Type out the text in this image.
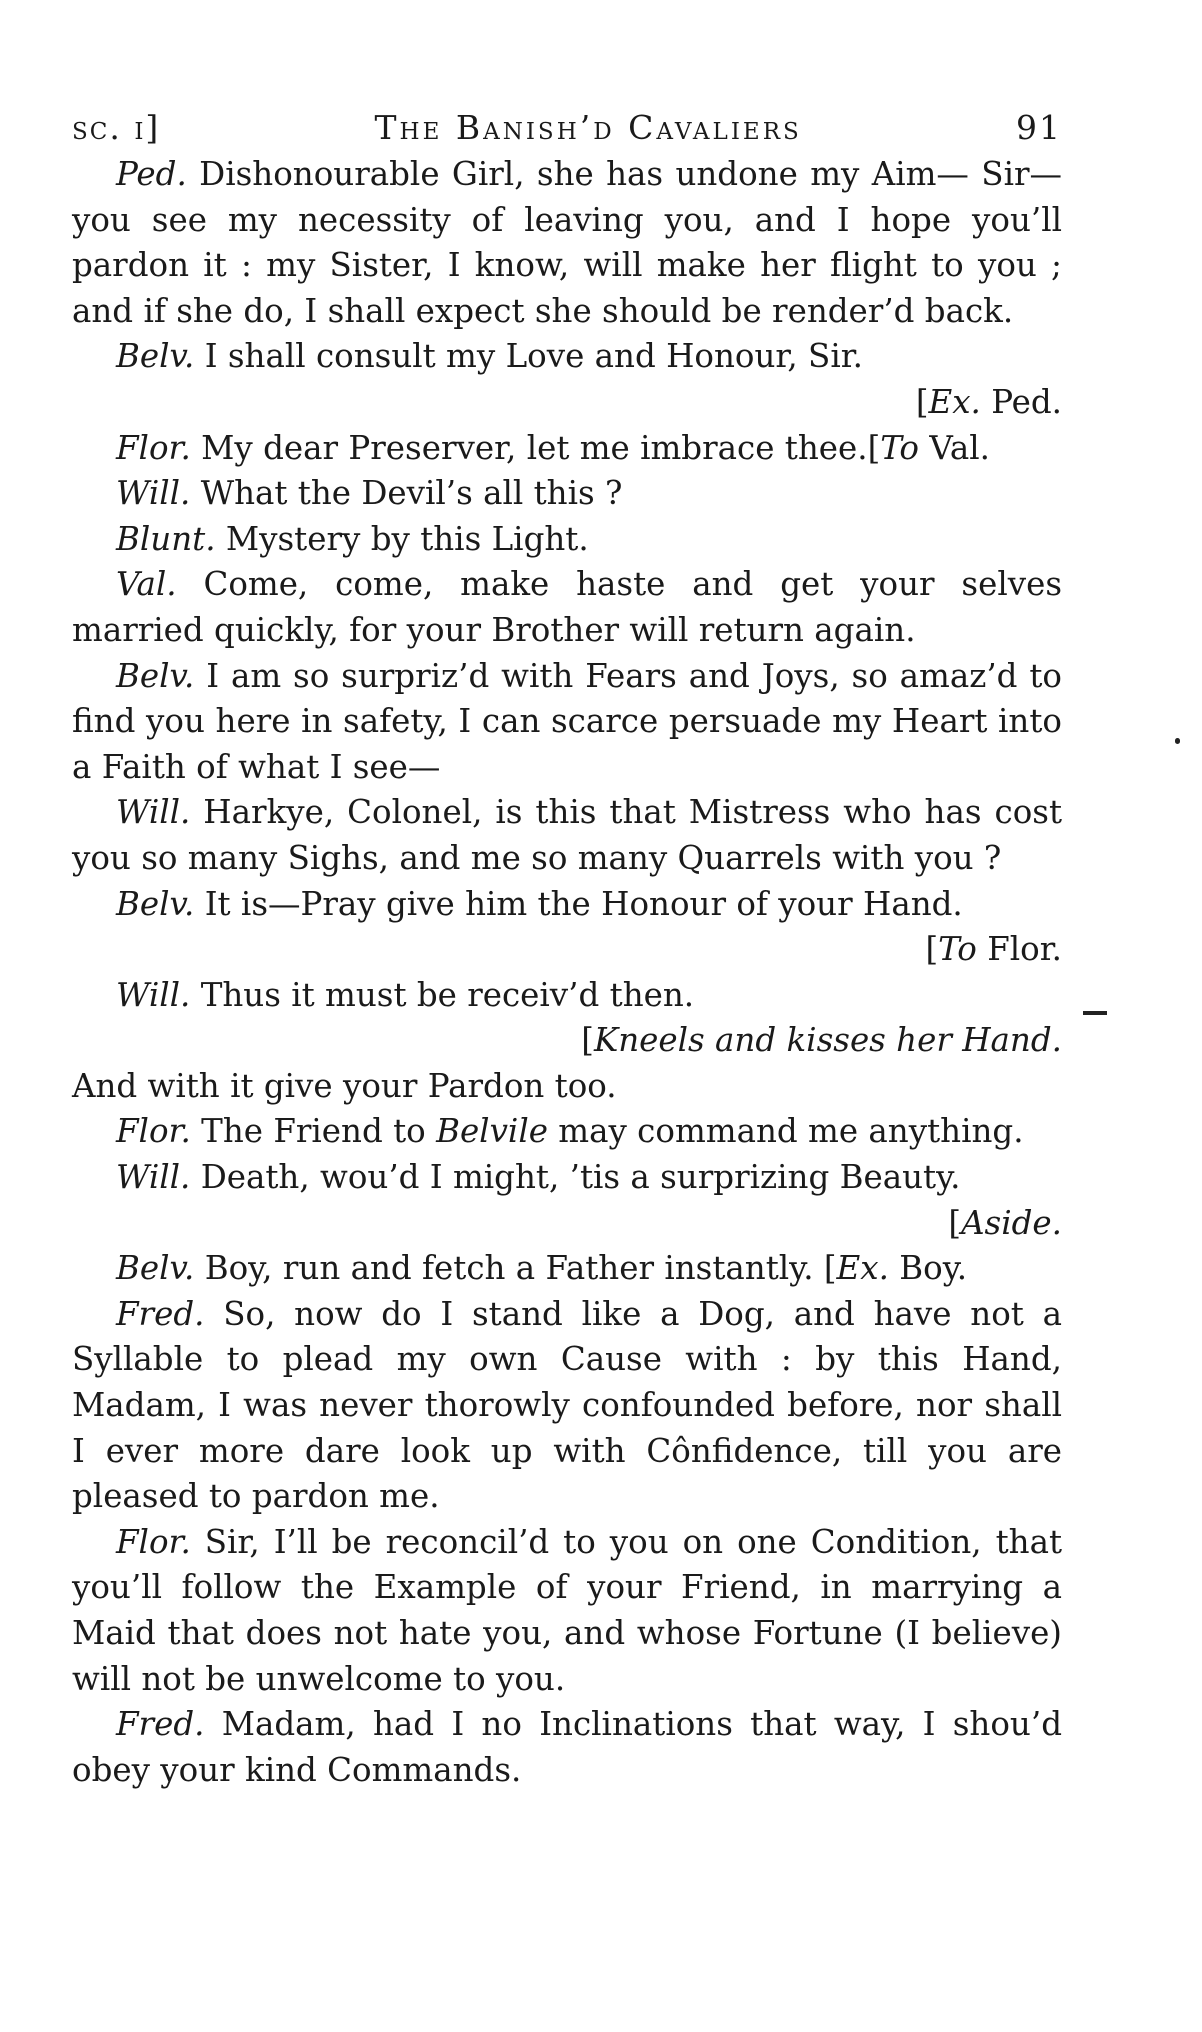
sc. i]	The Banish’d Cavaliers	91

Ped. Dishonourable Girl, she has undone my Aim— Sir—you see my necessity of leaving you, and I hope you’ll pardon it : my Sister, I know, will make her flight to you ; and if she do, I shall expect she should be render’d back.

Belv. I shall consult my Love and Honour, Sir.

[Ex. Ped.

Flor. My dear Preserver, let me imbrace thee.[To Val.

Will. What the Devil’s all this ?

Blunt. Mystery by this Light.

Val. Come, come, make haste and get your selves married quickly, for your Brother will return again.

Belv. I am so surpriz’d with Fears and Joys, so amaz’d to find you here in safety, I can scarce persuade my Heart into a Faith of what I see—

Will. Harkye, Colonel, is this that Mistress who has cost you so many Sighs, and me so many Quarrels with you ?

Belv. It is—Pray give him the Honour of your Hand.

[To Flor.

Will. Thus it must be receiv’d then.

[Kneels and kisses her Hand.

And with it give your Pardon too.

Flor. The Friend to Belvile may command me anything.

Will. Death, wou’d I might, ’tis a surprizing Beauty.

[Aside.

Belv. Boy, run and fetch a Father instantly. [Ex. Boy.

Fred. So, now do I stand like a Dog, and have not a Syllable to plead my own Cause with : by this Hand, Madam, I was never thorowly confounded before, nor shall I ever more dare look up with Cônfidence, till you are pleased to pardon me.

Flor. Sir, I’ll be reconcil’d to you on one Condition, that you’ll follow the Example of your Friend, in marrying a Maid that does not hate you, and whose Fortune (I believe) will not be unwelcome to you.

Fred. Madam, had I no Inclinations that way, I shou’d obey your kind Commands.
